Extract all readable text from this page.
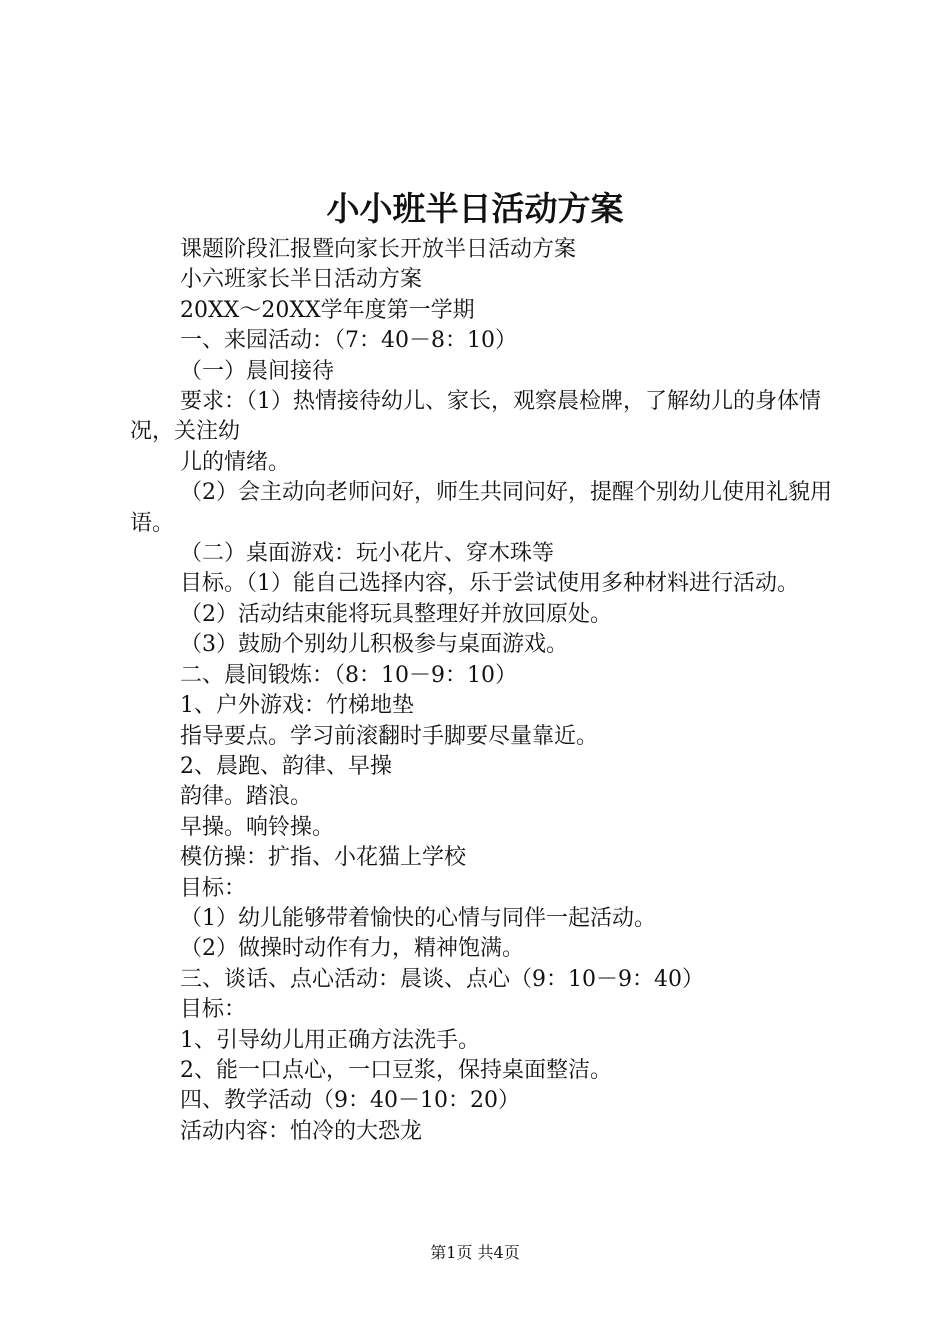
小小班半日活动方案

课题阶段汇报暨向家长开放半日活动方案

小六班家长半日活动方案

20XX～20XX学年度第一学期

一、来园活动：（7：40－8：10）

（一）晨间接待

要求：（1）热情接待幼儿、家长，观察晨检牌，了解幼儿的身体情况，关注幼

儿的情绪。

（2）会主动向老师问好，师生共同问好，提醒个别幼儿使用礼貌用语。

（二）桌面游戏：玩小花片、穿木珠等

目标。（1）能自己选择内容，乐于尝试使用多种材料进行活动。

（2）活动结束能将玩具整理好并放回原处。

（3）鼓励个别幼儿积极参与桌面游戏。

二、晨间锻炼：（8：10－9：10）

1、户外游戏：竹梯地垫

指导要点。学习前滚翻时手脚要尽量靠近。

2、晨跑、韵律、早操

韵律。踏浪。

早操。响铃操。

模仿操：扩指、小花猫上学校

目标：

（1）幼儿能够带着愉快的心情与同伴一起活动。

（2）做操时动作有力，精神饱满。

三、谈话、点心活动：晨谈、点心（9：10－9：40）

目标：

1、引导幼儿用正确方法洗手。

2、能一口点心，一口豆浆，保持桌面整洁。

四、教学活动（9：40－10：20）

活动内容：怕冷的大恐龙

第1页 共4页
